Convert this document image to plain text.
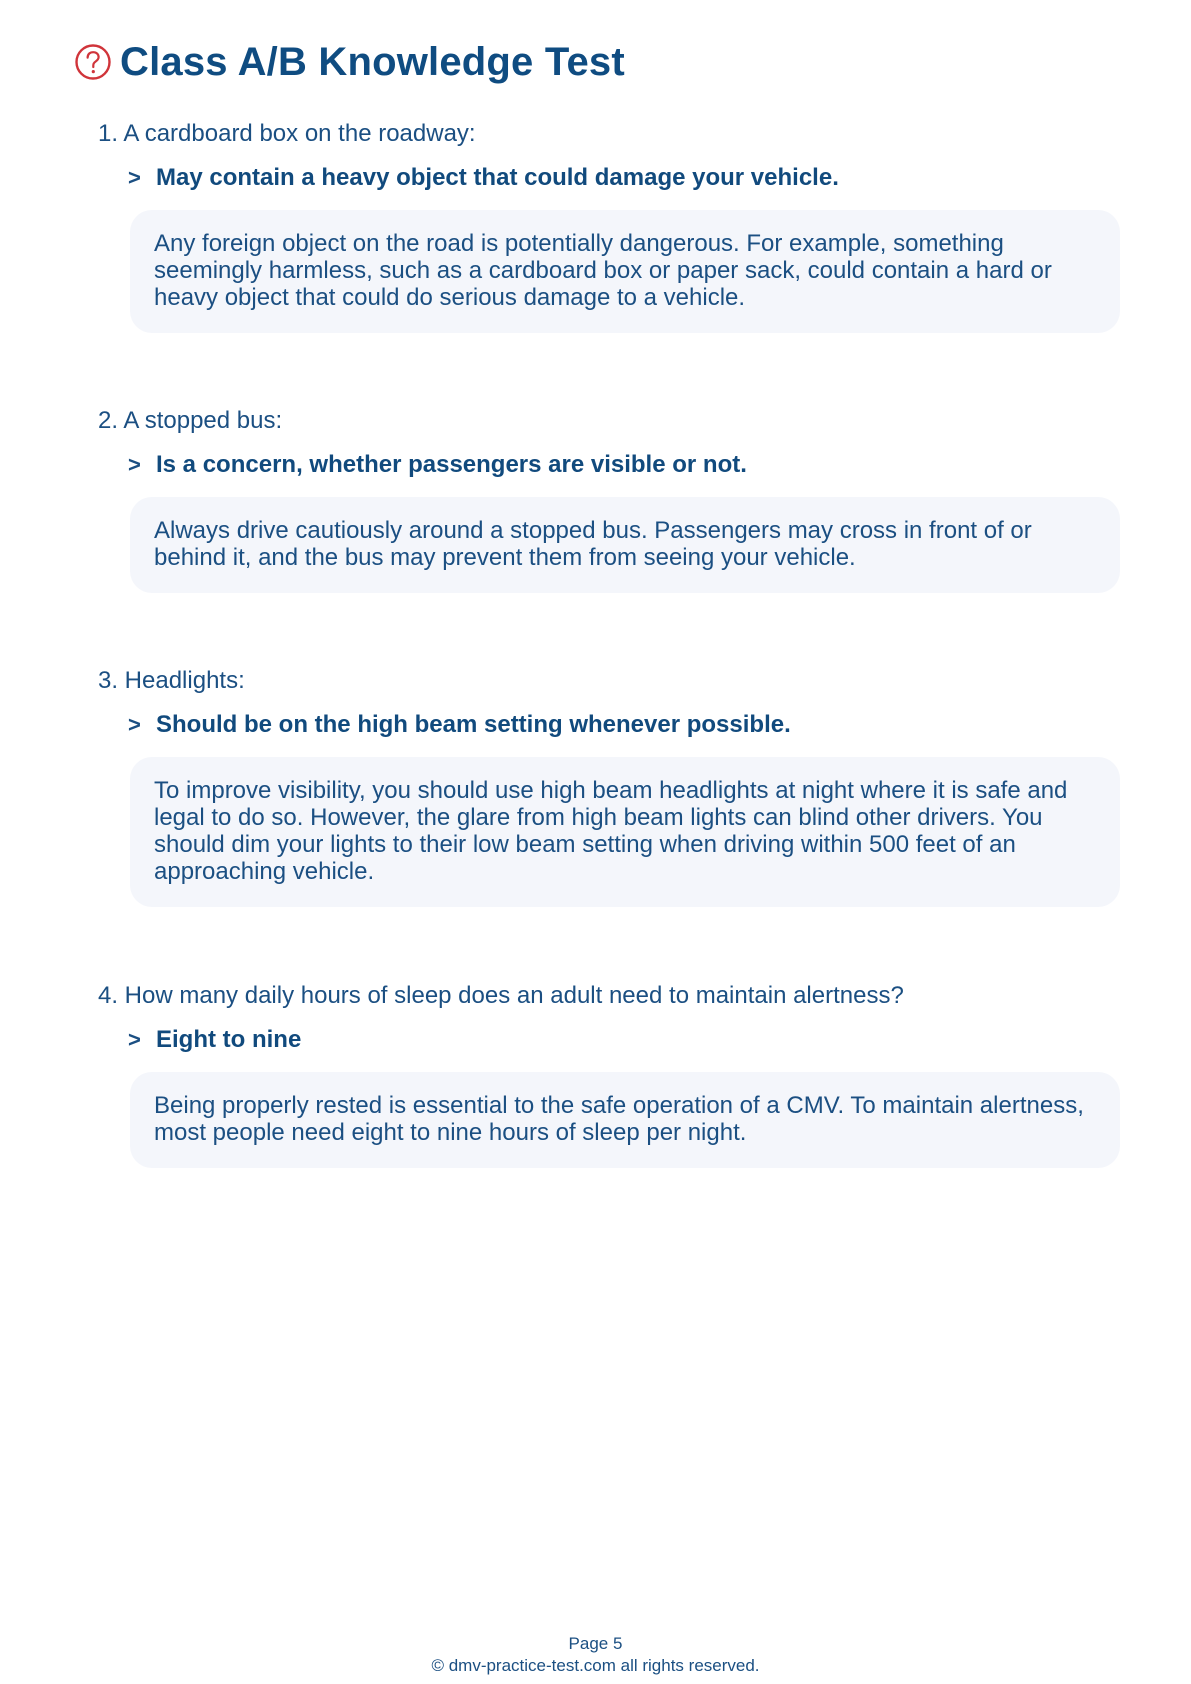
Class A/B Knowledge Test
1. A cardboard box on the roadway:
> May contain a heavy object that could damage your vehicle.
Any foreign object on the road is potentially dangerous. For example, something seemingly harmless, such as a cardboard box or paper sack, could contain a hard or heavy object that could do serious damage to a vehicle.
2. A stopped bus:
> Is a concern, whether passengers are visible or not.
Always drive cautiously around a stopped bus. Passengers may cross in front of or behind it, and the bus may prevent them from seeing your vehicle.
3. Headlights:
> Should be on the high beam setting whenever possible.
To improve visibility, you should use high beam headlights at night where it is safe and legal to do so. However, the glare from high beam lights can blind other drivers. You should dim your lights to their low beam setting when driving within 500 feet of an approaching vehicle.
4. How many daily hours of sleep does an adult need to maintain alertness?
> Eight to nine
Being properly rested is essential to the safe operation of a CMV. To maintain alertness, most people need eight to nine hours of sleep per night.
Page 5
© dmv-practice-test.com all rights reserved.
